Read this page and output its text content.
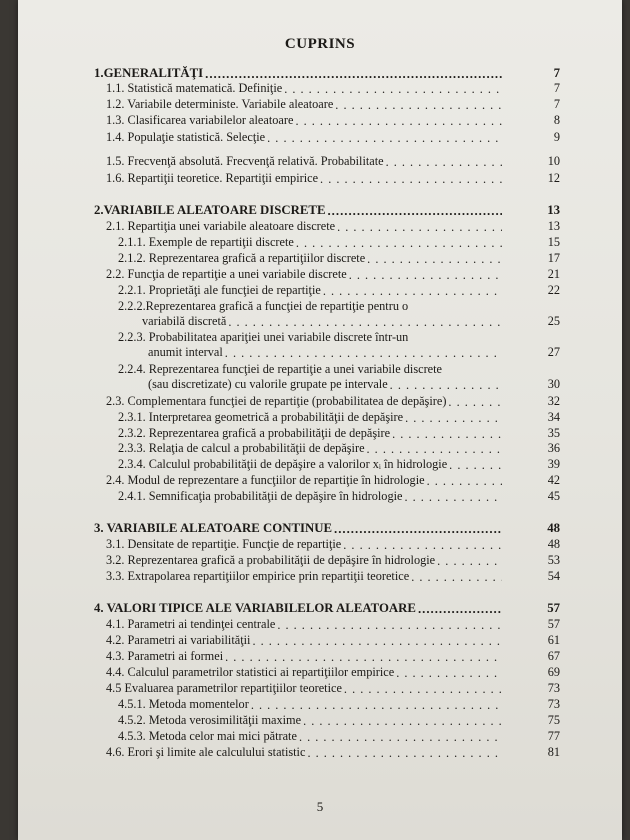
CUPRINS
1.GENERALITĂŢI .....	7
1.1. Statistică matematică. Definiţie . . .	7
1.2. Variabile deterministe. Variabile aleatoare . . .	7
1.3. Clasificarea variabilelor aleatoare . . .	8
1.4. Populaţie statistică. Selecţie . . .	9
1.5. Frecvenţă absolută. Frecvenţă relativă. Probabilitate . . .	10
1.6. Repartiţii teoretice. Repartiţii empirice . . .	12
2.VARIABILE ALEATOARE DISCRETE .....	13
2.1. Repartiţia unei variabile aleatoare discrete . . .	13
2.1.1. Exemple de repartiţii discrete . . .	15
2.1.2. Reprezentarea grafică a repartiţiilor discrete . . .	17
2.2. Funcţia de repartiţie a unei variabile discrete . . .	21
2.2.1. Proprietăţi ale funcţiei de repartiţie . . .	22
2.2.2.Reprezentarea grafică a funcţiei de repartiţie pentru o
variabilă discretă . . .	25
2.2.3. Probabilitatea apariţiei unei variabile discrete într-un
anumit interval . . .	27
2.2.4. Reprezentarea funcţiei de repartiţie a unei variabile discrete
(sau discretizate) cu valorile grupate pe intervale . . .	30
2.3. Complementara funcţiei de repartiţie (probabilitatea de depăşire) . . .	32
2.3.1. Interpretarea geometrică a probabilităţii de depăşire . . .	34
2.3.2. Reprezentarea grafică a probabilităţii de depăşire . . .	35
2.3.3. Relaţia de calcul a probabilităţii de depăşire . . .	36
2.3.4. Calculul probabilităţii de depăşire a valorilor xᵢ în hidrologie . . .	39
2.4. Modul de reprezentare a funcţiilor de repartiţie în hidrologie . . .	42
2.4.1. Semnificaţia probabilităţii de depăşire în hidrologie . . .	45
3. VARIABILE ALEATOARE CONTINUE .....	48
3.1. Densitate de repartiţie. Funcţie de repartiţie . . .	48
3.2. Reprezentarea grafică a probabilităţii de depăşire în hidrologie . . .	53
3.3. Extrapolarea repartiţiilor empirice prin repartiţii teoretice . . .	54
4. VALORI TIPICE ALE VARIABILELOR ALEATOARE .....	57
4.1. Parametri ai tendinţei centrale . . .	57
4.2. Parametri ai variabilităţii . . .	61
4.3. Parametri ai formei . . .	67
4.4. Calculul parametrilor statistici ai repartiţiilor empirice . . .	69
4.5 Evaluarea parametrilor repartiţiilor teoretice . . .	73
4.5.1. Metoda momentelor . . .	73
4.5.2. Metoda verosimilităţii maxime . . .	75
4.5.3. Metoda celor mai mici pătrate . . .	77
4.6. Erori şi limite ale calculului statistic . . .	81
5
